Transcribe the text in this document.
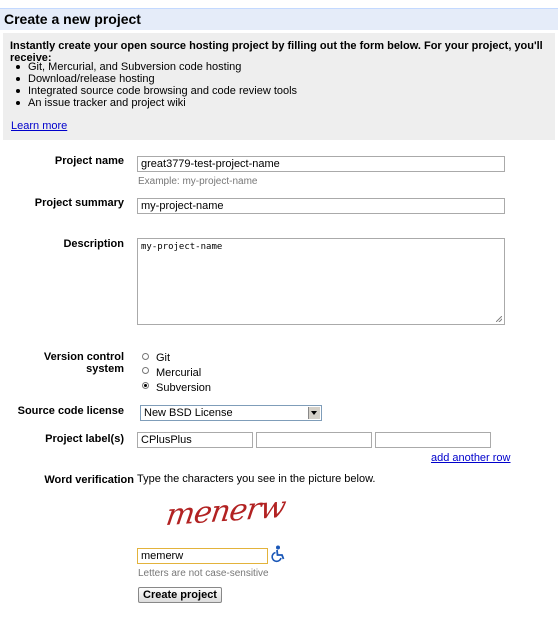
Create a new project
Instantly create your open source hosting project by filling out the form below. For your project, you'll receive:
Git, Mercurial, and Subversion code hosting
Download/release hosting
Integrated source code browsing and code review tools
An issue tracker and project wiki
Learn more
Project name	great3779-test-project-name
Example: my-project-name
Project summary	my-project-name
Description	my-project-name
Version control system
Git
Mercurial
Subversion
Source code license	New BSD License
Project label(s)	CPlusPlus
add another row
Word verification Type the characters you see in the picture below.
menerw
memerw
Letters are not case-sensitive
Create project
